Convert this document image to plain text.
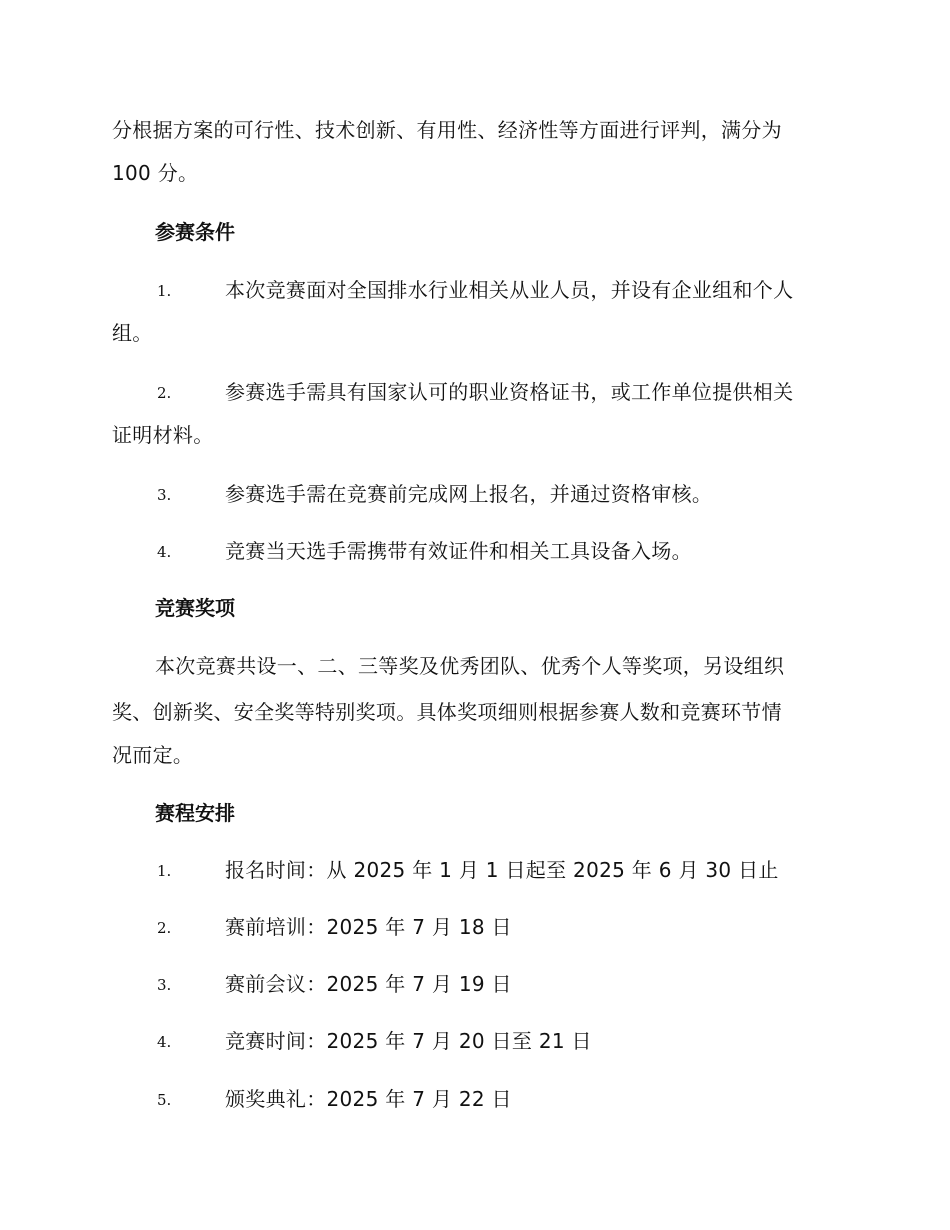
分根据方案的可行性、技术创新、有用性、经济性等方面进行评判，满分为
100 分。
参赛条件
1.	本次竞赛面对全国排水行业相关从业人员，并设有企业组和个人
组。
2.	参赛选手需具有国家认可的职业资格证书，或工作单位提供相关
证明材料。
3.	参赛选手需在竞赛前完成网上报名，并通过资格审核。
4.	竞赛当天选手需携带有效证件和相关工具设备入场。
竞赛奖项
本次竞赛共设一、二、三等奖及优秀团队、优秀个人等奖项，另设组织
奖、创新奖、安全奖等特别奖项。具体奖项细则根据参赛人数和竞赛环节情
况而定。
赛程安排
1.	报名时间：从 2025 年 1 月 1 日起至 2025 年 6 月 30 日止
2.	赛前培训：2025 年 7 月 18 日
3.	赛前会议：2025 年 7 月 19 日
4.	竞赛时间：2025 年 7 月 20 日至 21 日
5.	颁奖典礼：2025 年 7 月 22 日
